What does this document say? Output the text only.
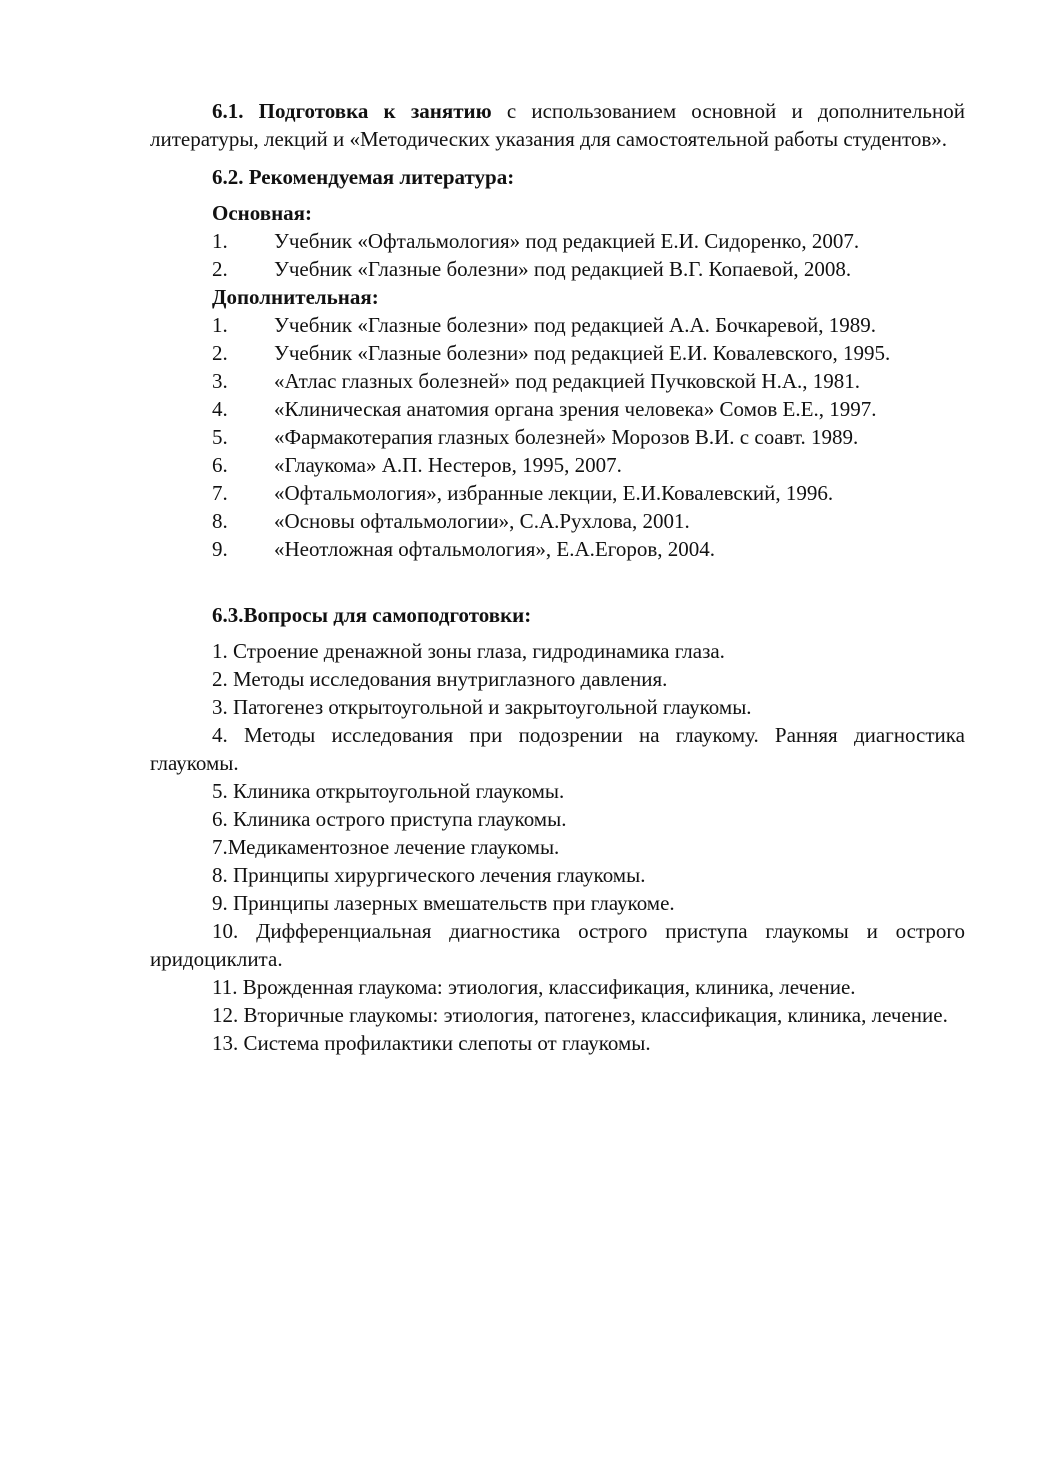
6.1. Подготовка к занятию с использованием основной и дополнительной литературы, лекций и «Методических указания для самостоятельной работы студентов».

6.2. Рекомендуемая литература:

Основная:

1. Учебник «Офтальмология» под редакцией Е.И. Сидоренко, 2007.
2. Учебник «Глазные болезни» под редакцией В.Г. Копаевой, 2008.

Дополнительная:

1. Учебник «Глазные болезни» под редакцией А.А. Бочкаревой, 1989.
2. Учебник «Глазные болезни» под редакцией Е.И. Ковалевского, 1995.
3. «Атлас глазных болезней» под редакцией Пучковской Н.А., 1981.
4. «Клиническая анатомия органа зрения человека» Сомов Е.Е., 1997.
5. «Фармакотерапия глазных болезней» Морозов В.И. с соавт. 1989.
6. «Глаукома» А.П. Нестеров, 1995, 2007.
7. «Офтальмология», избранные лекции, Е.И.Ковалевский, 1996.
8. «Основы офтальмологии», С.А.Рухлова, 2001.
9. «Неотложная офтальмология», Е.А.Егоров, 2004.

6.3.Вопросы для самоподготовки:

1. Строение дренажной зоны глаза, гидродинамика глаза.

2. Методы исследования внутриглазного давления.

3. Патогенез открытоугольной и закрытоугольной глаукомы.

4. Методы исследования при подозрении на глаукому. Ранняя диагностика глаукомы.

5. Клиника открытоугольной глаукомы.

6. Клиника острого приступа глаукомы.

7.Медикаментозное лечение глаукомы.

8. Принципы хирургического лечения глаукомы.

9. Принципы лазерных вмешательств при глаукоме.

10. Дифференциальная диагностика острого приступа глаукомы и острого иридоциклита.

11. Врожденная глаукома: этиология, классификация, клиника, лечение.

12. Вторичные глаукомы: этиология, патогенез, классификация, клиника, лечение.

13. Система профилактики слепоты от глаукомы.
